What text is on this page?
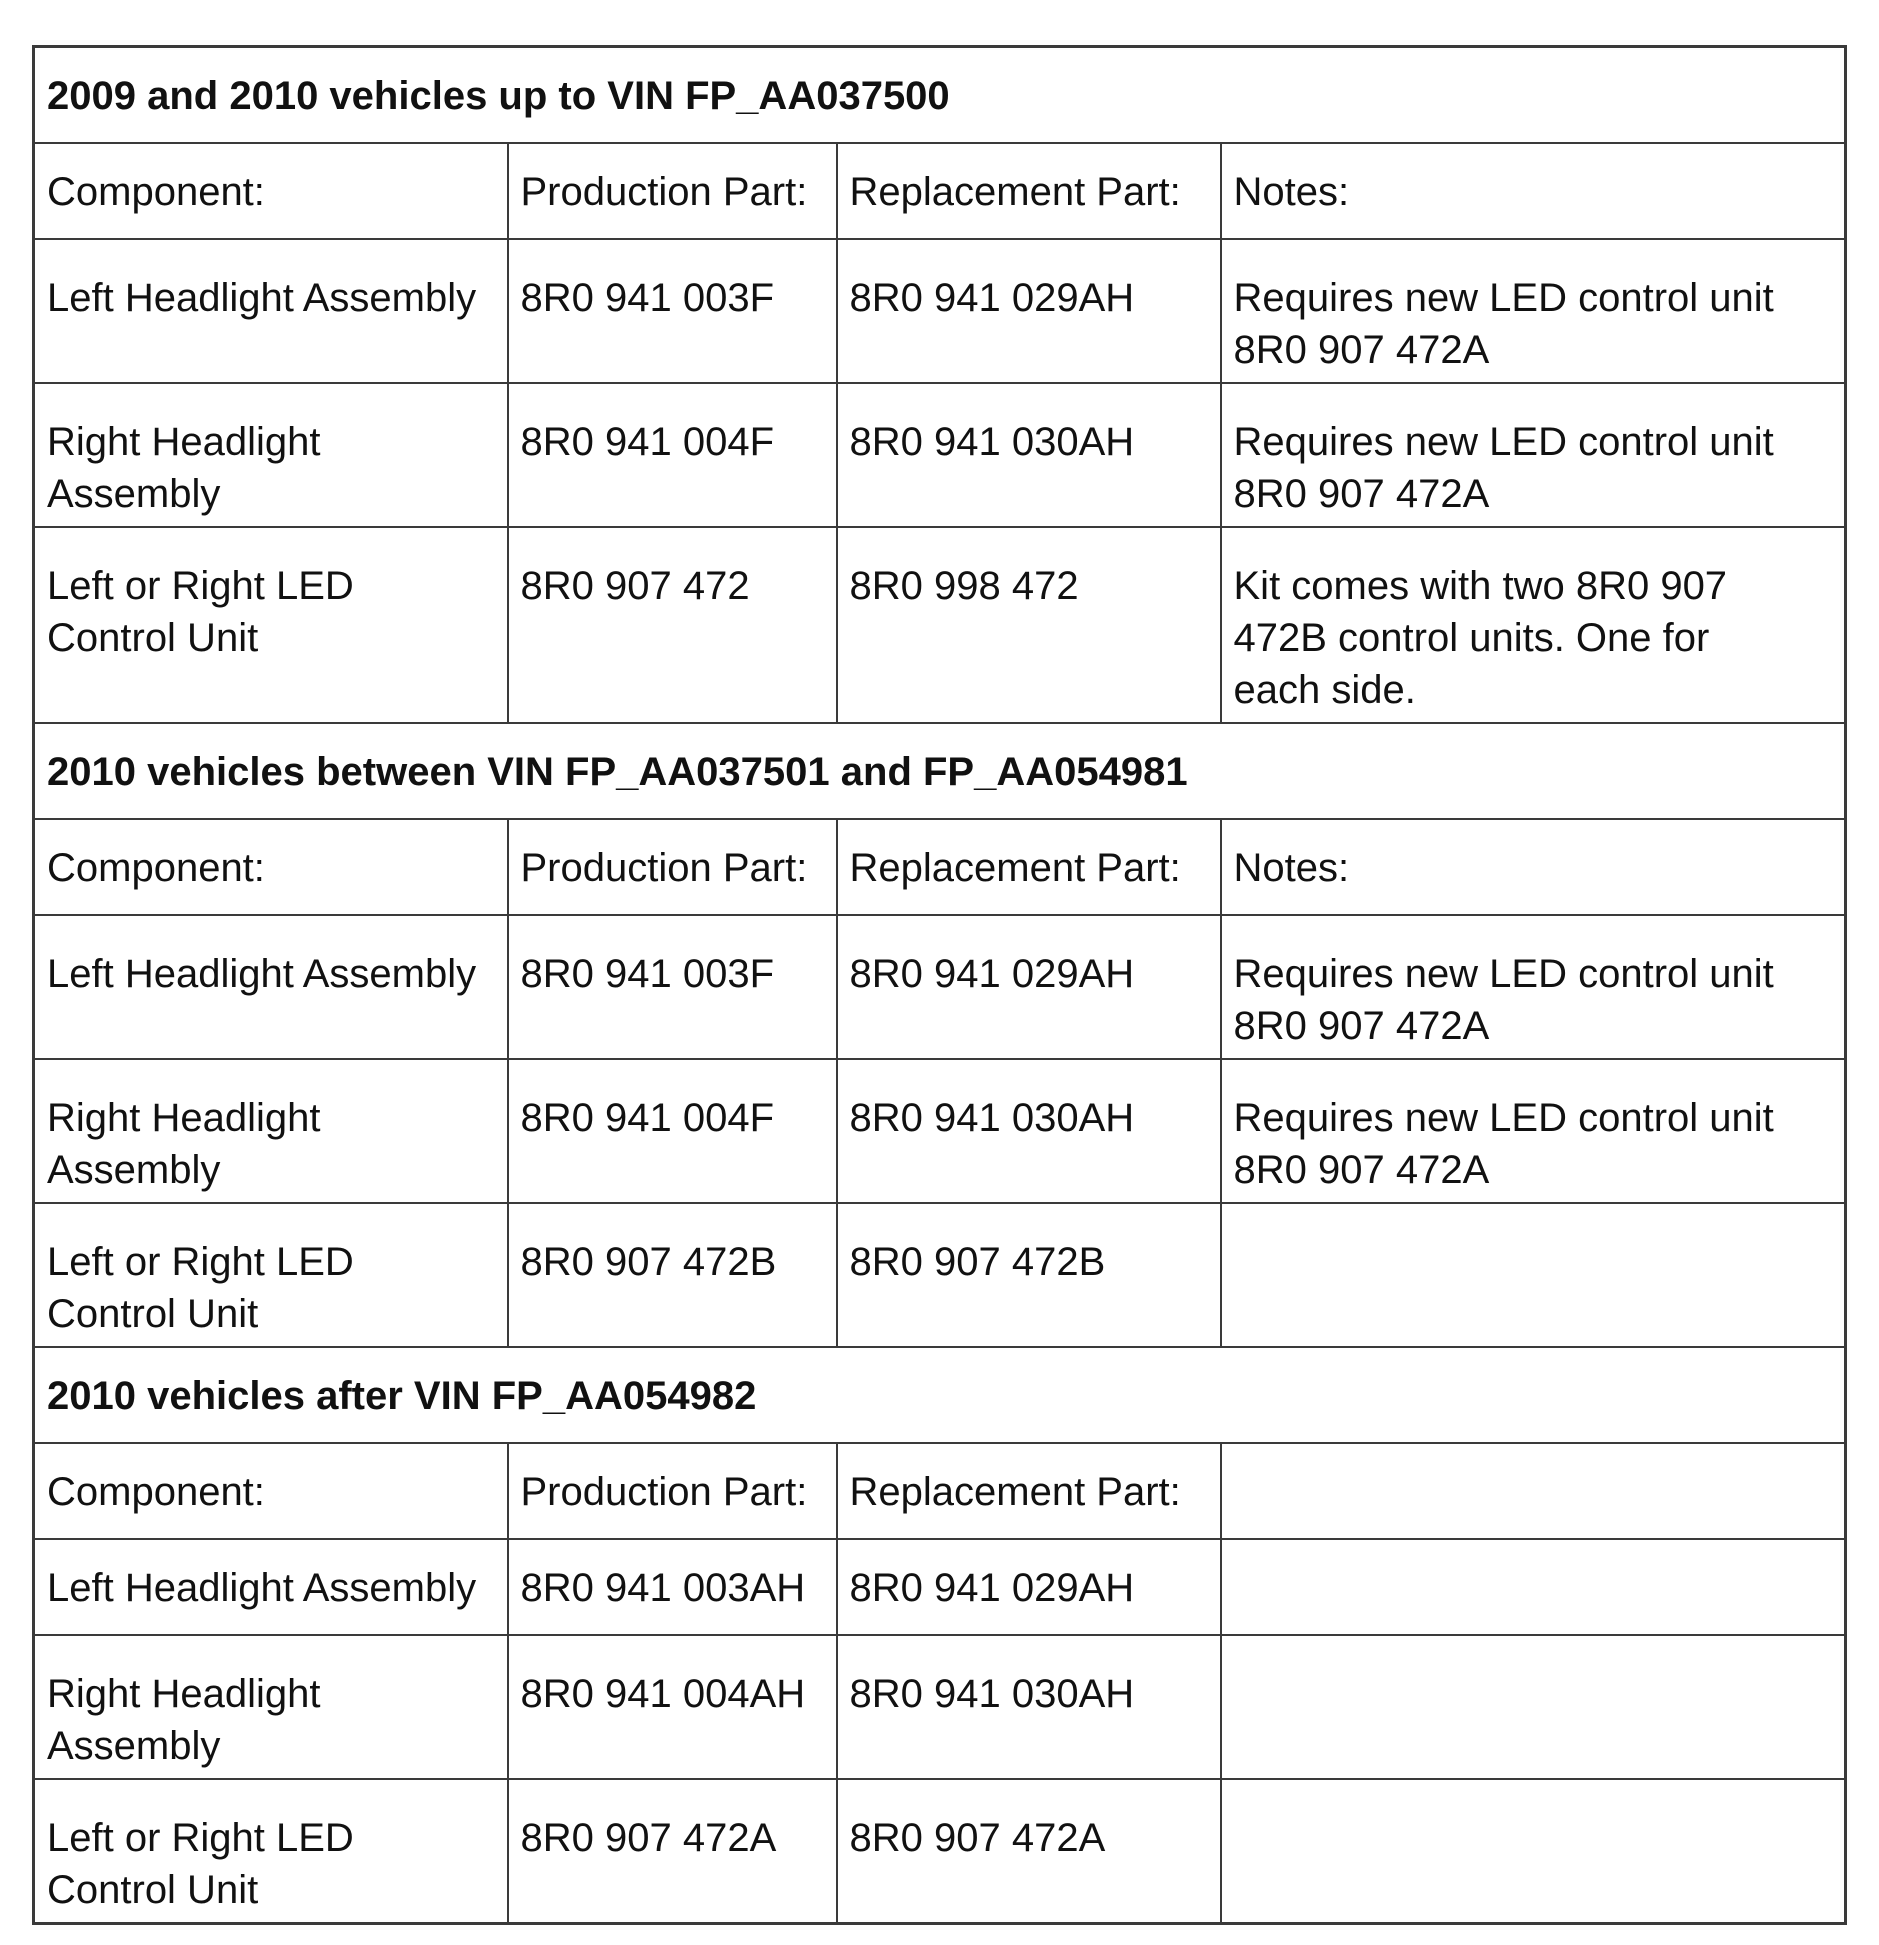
2009 and 2010 vehicles up to VIN FP_AA037500			
Component:	Production Part:	Replacement Part:	Notes:
Left Headlight Assembly	8R0 941 003F	8R0 941 029AH	Requires new LED control unit
8R0 907 472A
Right Headlight
Assembly	8R0 941 004F	8R0 941 030AH	Requires new LED control unit
8R0 907 472A
Left or Right LED
Control Unit	8R0 907 472	8R0 998 472	Kit comes with two 8R0 907
472B control units. One for
each side.
2010 vehicles between VIN FP_AA037501 and FP_AA054981			
Component:	Production Part:	Replacement Part:	Notes:
Left Headlight Assembly	8R0 941 003F	8R0 941 029AH	Requires new LED control unit
8R0 907 472A
Right Headlight
Assembly	8R0 941 004F	8R0 941 030AH	Requires new LED control unit
8R0 907 472A
Left or Right LED
Control Unit	8R0 907 472B	8R0 907 472B	
2010 vehicles after VIN FP_AA054982			
Component:	Production Part:	Replacement Part:	
Left Headlight Assembly	8R0 941 003AH	8R0 941 029AH	
Right Headlight
Assembly	8R0 941 004AH	8R0 941 030AH	
Left or Right LED
Control Unit	8R0 907 472A	8R0 907 472A	
